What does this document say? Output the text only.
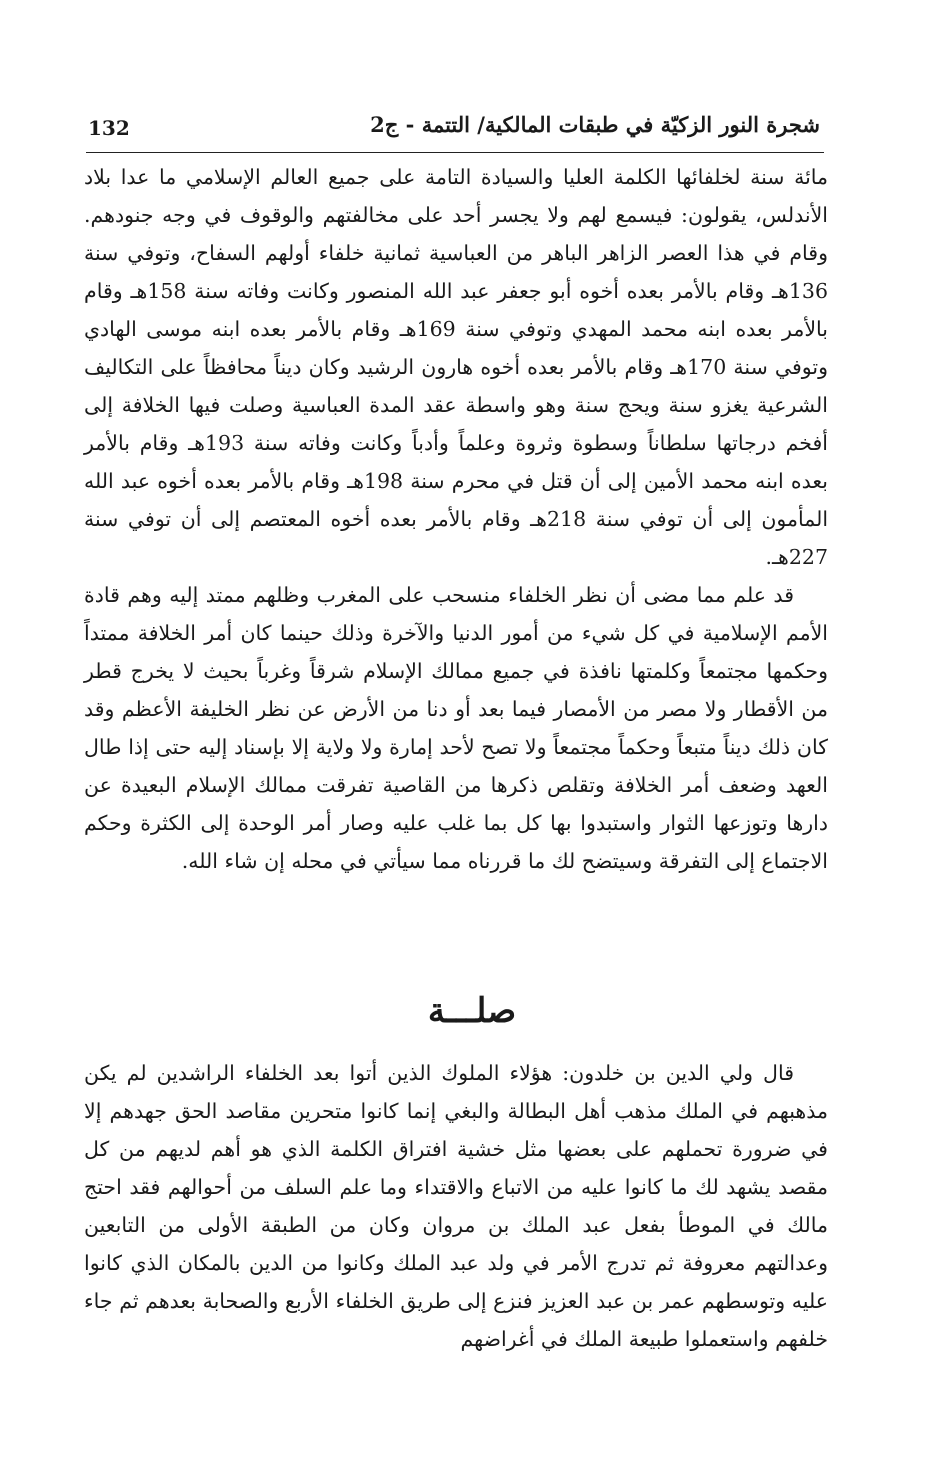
132	شجرة النور الزكيّة في طبقات المالكية/ التتمة - ج2

مائة سنة لخلفائها الكلمة العليا والسيادة التامة على جميع العالم الإسلامي ما عدا بلاد الأندلس، يقولون: فيسمع لهم ولا يجسر أحد على مخالفتهم والوقوف في وجه جنودهم. وقام في هذا العصر الزاهر الباهر من العباسية ثمانية خلفاء أولهم السفاح، وتوفي سنة 136هـ وقام بالأمر بعده أخوه أبو جعفر عبد الله المنصور وكانت وفاته سنة 158هـ وقام بالأمر بعده ابنه محمد المهدي وتوفي سنة 169هـ وقام بالأمر بعده ابنه موسى الهادي وتوفي سنة 170هـ وقام بالأمر بعده أخوه هارون الرشيد وكان ديناً محافظاً على التكاليف الشرعية يغزو سنة ويحج سنة وهو واسطة عقد المدة العباسية وصلت فيها الخلافة إلى أفخم درجاتها سلطاناً وسطوة وثروة وعلماً وأدباً وكانت وفاته سنة 193هـ وقام بالأمر بعده ابنه محمد الأمين إلى أن قتل في محرم سنة 198هـ وقام بالأمر بعده أخوه عبد الله المأمون إلى أن توفي سنة 218هـ وقام بالأمر بعده أخوه المعتصم إلى أن توفي سنة 227هـ.

قد علم مما مضى أن نظر الخلفاء منسحب على المغرب وظلهم ممتد إليه وهم قادة الأمم الإسلامية في كل شيء من أمور الدنيا والآخرة وذلك حينما كان أمر الخلافة ممتداً وحكمها مجتمعاً وكلمتها نافذة في جميع ممالك الإسلام شرقاً وغرباً بحيث لا يخرج قطر من الأقطار ولا مصر من الأمصار فيما بعد أو دنا من الأرض عن نظر الخليفة الأعظم وقد كان ذلك ديناً متبعاً وحكماً مجتمعاً ولا تصح لأحد إمارة ولا ولاية إلا بإسناد إليه حتى إذا طال العهد وضعف أمر الخلافة وتقلص ذكرها من القاصية تفرقت ممالك الإسلام البعيدة عن دارها وتوزعها الثوار واستبدوا بها كل بما غلب عليه وصار أمر الوحدة إلى الكثرة وحكم الاجتماع إلى التفرقة وسيتضح لك ما قررناه مما سيأتي في محله إن شاء الله.

صلـــة

قال ولي الدين بن خلدون: هؤلاء الملوك الذين أتوا بعد الخلفاء الراشدين لم يكن مذهبهم في الملك مذهب أهل البطالة والبغي إنما كانوا متحرين مقاصد الحق جهدهم إلا في ضرورة تحملهم على بعضها مثل خشية افتراق الكلمة الذي هو أهم لديهم من كل مقصد يشهد لك ما كانوا عليه من الاتباع والاقتداء وما علم السلف من أحوالهم فقد احتج مالك في الموطأ بفعل عبد الملك بن مروان وكان من الطبقة الأولى من التابعين وعدالتهم معروفة ثم تدرج الأمر في ولد عبد الملك وكانوا من الدين بالمكان الذي كانوا عليه وتوسطهم عمر بن عبد العزيز فنزع إلى طريق الخلفاء الأربع والصحابة بعدهم ثم جاء خلفهم واستعملوا طبيعة الملك في أغراضهم
